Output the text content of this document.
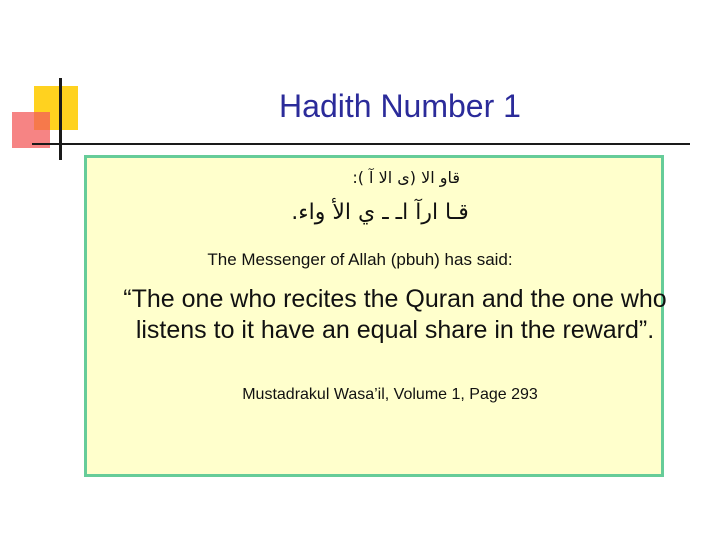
Hadith Number 1
قاو الا (ى الا آ ):
قـا ارآ اـ ـ ي الأ واء.
The Messenger of Allah (pbuh) has said:
“The one who recites the Quran and the one who listens to it have an equal share in the reward”.
Mustadrakul Wasa’il, Volume 1, Page 293
